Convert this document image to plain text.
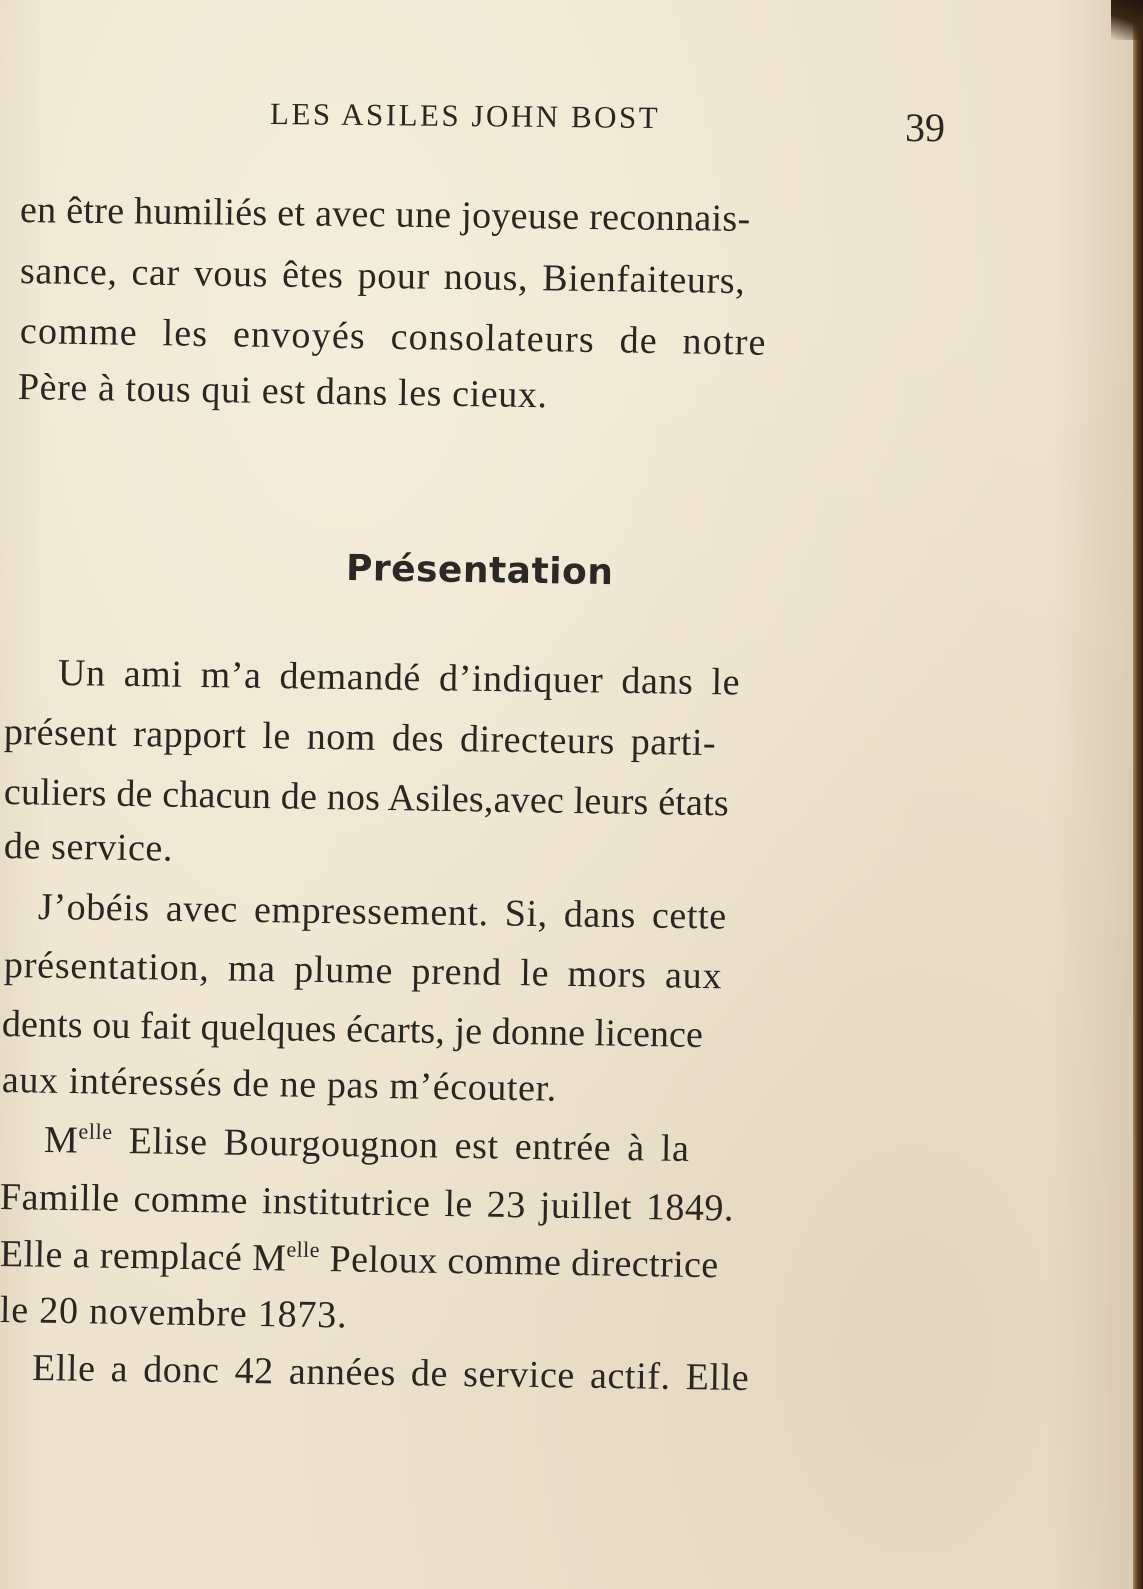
LES ASILES JOHN BOST	39
en être humiliés et avec une joyeuse reconnais-
sance, car vous êtes pour nous, Bienfaiteurs,
comme les envoyés consolateurs de notre
Père à tous qui est dans les cieux.
Présentation
Un ami m’a demandé d’indiquer dans le
présent rapport le nom des directeurs parti-
culiers de chacun de nos Asiles,avec leurs états
de service.
J’obéis avec empressement. Si, dans cette
présentation, ma plume prend le mors aux
dents ou fait quelques écarts, je donne licence
aux intéressés de ne pas m’écouter.
$M^{elle}$ Elise Bourgougnon est entrée à la
Famille comme institutrice le 23 juillet 1849.
Elle a remplacé $M^{elle}$ Peloux comme directrice
le 20 novembre 1873.
Elle a donc 42 années de service actif. Elle
